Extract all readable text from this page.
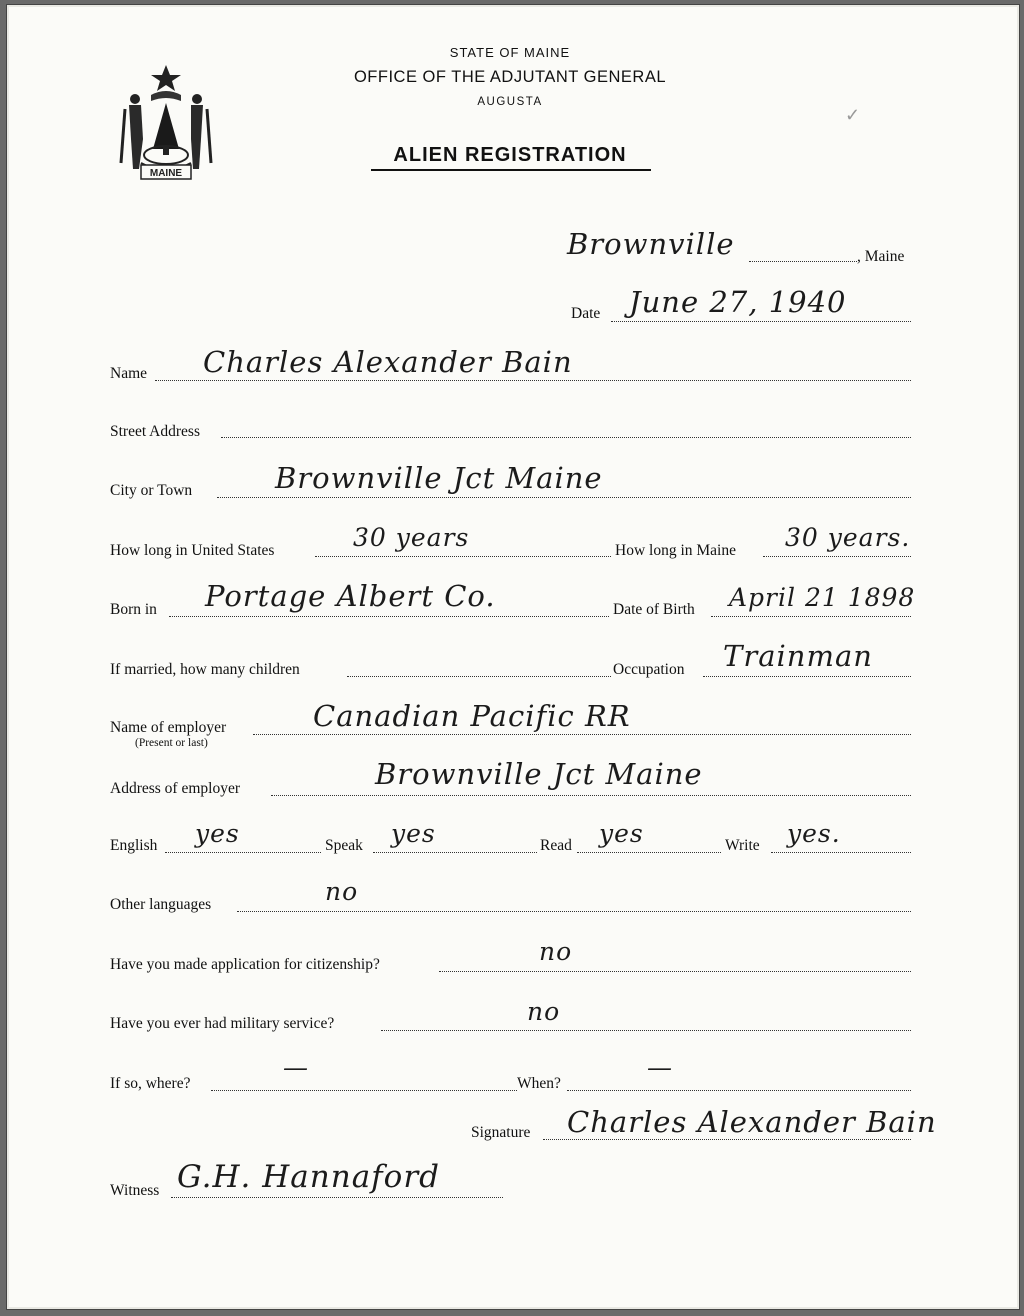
MAINE
STATE OF MAINE
OFFICE OF THE ADJUTANT GENERAL
AUGUSTA
ALIEN REGISTRATION
✓
Brownville	, Maine
Date June 27, 1940
Name Charles Alexander Bain
Street Address
City or Town	Brownville Jct Maine
How long in United States	30 years	How long in Maine 30 years.
Born in Portage Albert Co.	Date of Birth April 21 1898
If married, how many children	Occupation Trainman
Name of employer
(Present or last)
Canadian Pacific RR
Address of employer	Brownville Jct Maine
English yes	Speak yes	Read yes	Write yes.
Other languages	no
Have you made application for citizenship?	no
Have you ever had military service?	no
If so, where?
—
When?
—
Signature Charles Alexander Bain
Witness G.H. Hannaford
